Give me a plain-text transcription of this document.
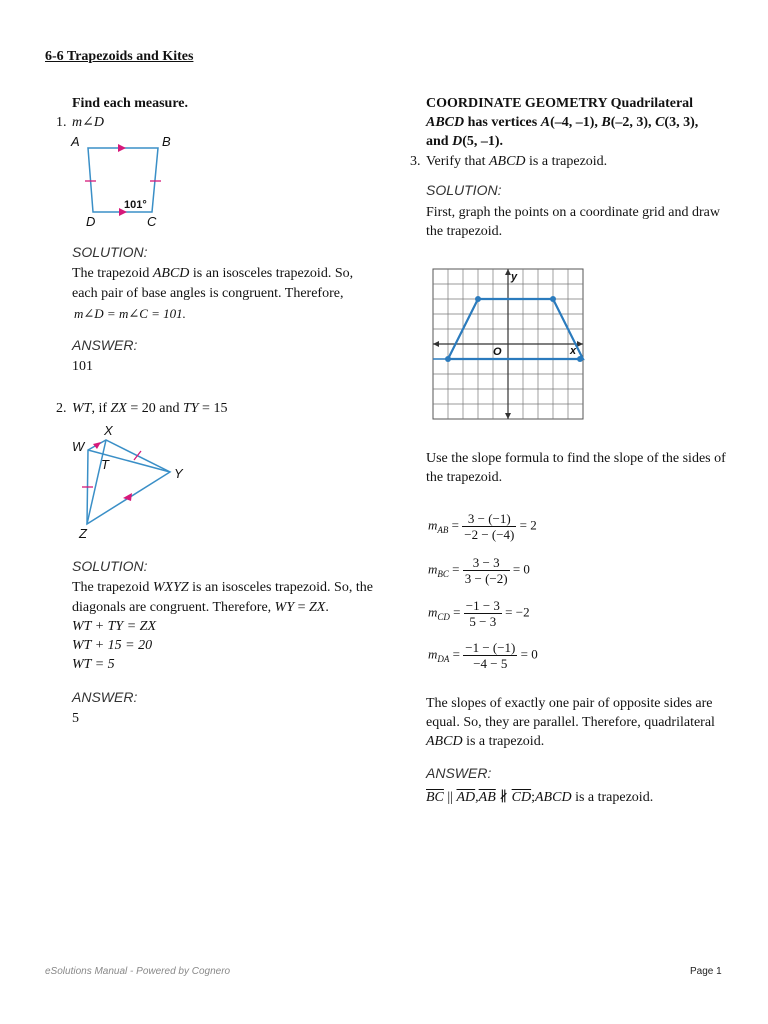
6-6 Trapezoids and Kites
Find each measure.
1. m∠D
A	B
C
D
101°
SOLUTION:
The trapezoid ABCD is an isosceles trapezoid. So,
each pair of base angles is congruent. Therefore,
m∠D = m∠C = 101.
ANSWER:
101
2. WT, if ZX = 20 and TY = 15
W
X
T
Y
Z
SOLUTION:
The trapezoid WXYZ is an isosceles trapezoid. So, the
diagonals are congruent. Therefore, WY = ZX.
WT + TY = ZX
WT + 15 = 20
WT = 5
ANSWER:
5
COORDINATE GEOMETRY Quadrilateral
ABCD has vertices A(–4, –1), B(–2, 3), C(3, 3),
and D(5, –1).
3. Verify that ABCD is a trapezoid.
SOLUTION:
First, graph the points on a coordinate grid and draw
the trapezoid.
y
x
O
Use the slope formula to find the slope of the sides of
the trapezoid.
$m_{AB} = \frac{3 - (-1)}{-2 - (-4)} = 2$
$m_{BC} = \frac{3 - 3}{3 - (-2)} = 0$
$m_{CD} = \frac{-1 - 3}{5 - 3} = -2$
$m_{DA} = \frac{-1 - (-1)}{-4 - 5} = 0$
The slopes of exactly one pair of opposite sides are
equal. So, they are parallel. Therefore, quadrilateral
ABCD is a trapezoid.
ANSWER:
$\overline{BC}$ || $\overline{AD},\overline{AB}$ ∦ $\overline{CD};ABCD$ is a trapezoid.
eSolutions Manual - Powered by Cognero	Page 1
